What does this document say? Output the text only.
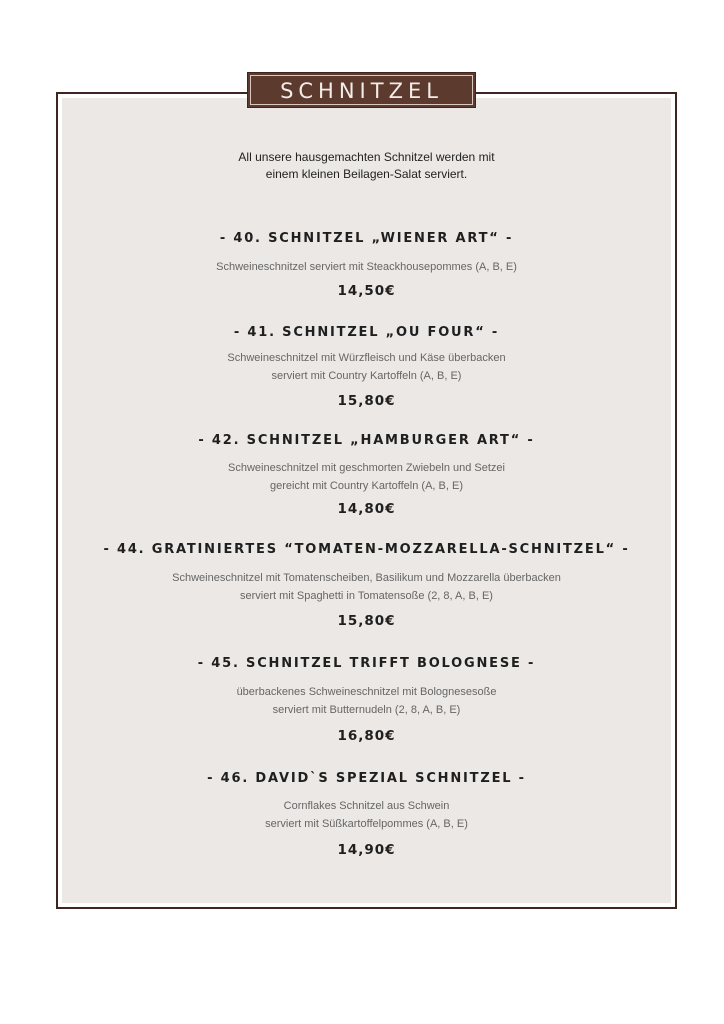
SCHNITZEL
All unsere hausgemachten Schnitzel werden mit
einem kleinen Beilagen-Salat serviert.
- 40. SCHNITZEL „WIENER ART“ -
Schweineschnitzel serviert mit Steackhousepommes (A, B, E)
14,50€
- 41. SCHNITZEL „OU FOUR“ -
Schweineschnitzel mit Würzfleisch und Käse überbacken
serviert mit Country Kartoffeln (A, B, E)
15,80€
- 42. SCHNITZEL „HAMBURGER ART“ -
Schweineschnitzel mit geschmorten Zwiebeln und Setzei
gereicht mit Country Kartoffeln (A, B, E)
14,80€
- 44. GRATINIERTES “TOMATEN-MOZZARELLA-SCHNITZEL“ -
Schweineschnitzel mit Tomatenscheiben, Basilikum und Mozzarella überbacken
serviert mit Spaghetti in Tomatensoße (2, 8, A, B, E)
15,80€
- 45. SCHNITZEL TRIFFT BOLOGNESE -
überbackenes Schweineschnitzel mit Bolognesesoße
serviert mit Butternudeln (2, 8, A, B, E)
16,80€
- 46. DAVID`S SPEZIAL SCHNITZEL -
Cornflakes Schnitzel aus Schwein
serviert mit Süßkartoffelpommes (A, B, E)
14,90€
